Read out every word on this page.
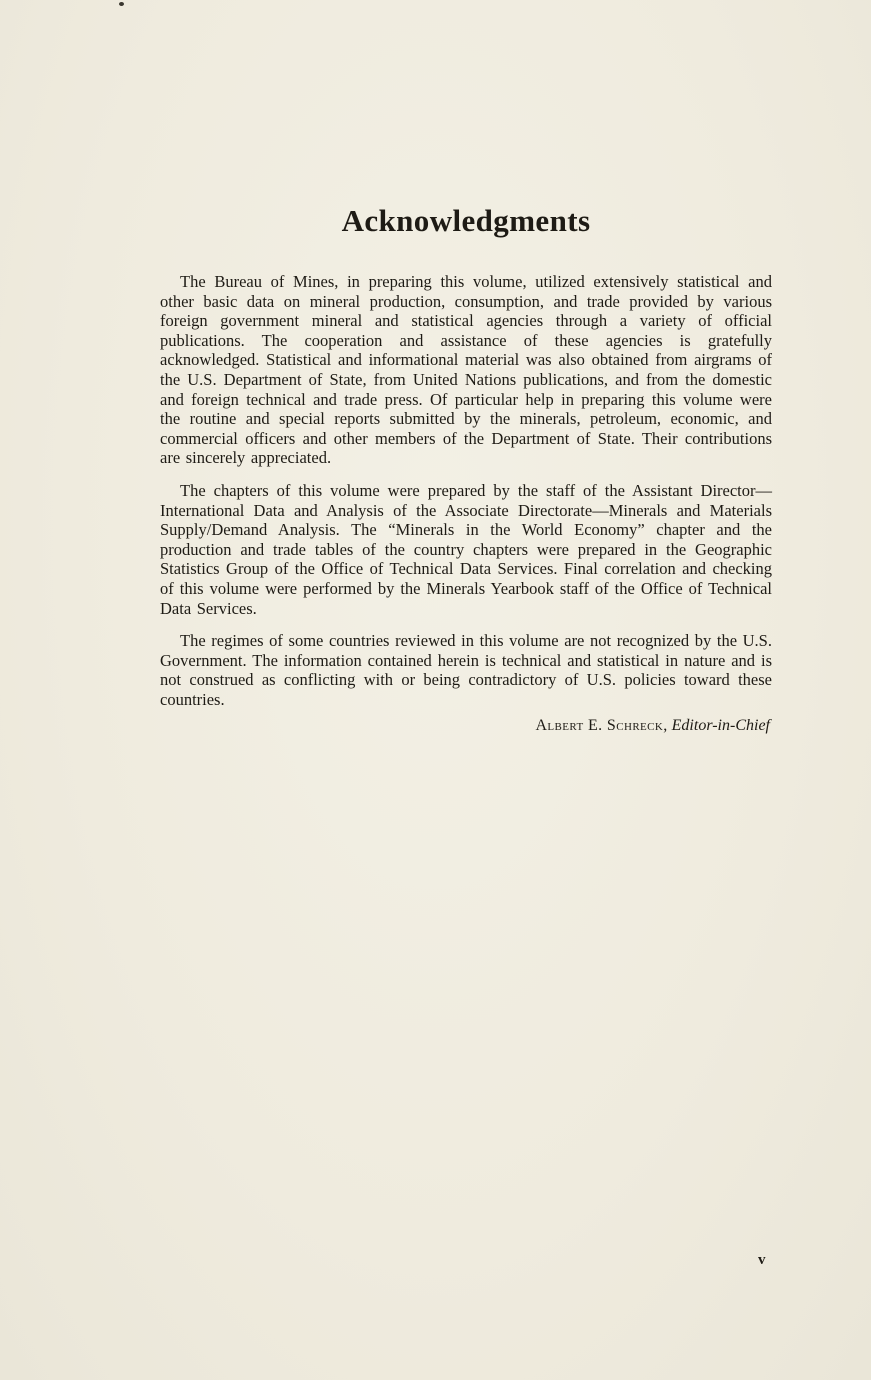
Acknowledgments

The Bureau of Mines, in preparing this volume, utilized extensively statistical and other basic data on mineral production, consumption, and trade provided by various foreign government mineral and statistical agencies through a variety of official publications. The cooperation and assistance of these agencies is gratefully acknowledged. Statistical and informational material was also obtained from airgrams of the U.S. Department of State, from United Nations publications, and from the domestic and foreign technical and trade press. Of particular help in preparing this volume were the routine and special reports submitted by the minerals, petroleum, economic, and commercial officers and other members of the Department of State. Their contributions are sincerely appreciated.

The chapters of this volume were prepared by the staff of the Assistant Director—International Data and Analysis of the Associate Directorate—Minerals and Materials Supply/Demand Analysis. The “Minerals in the World Economy” chapter and the production and trade tables of the country chapters were prepared in the Geographic Statistics Group of the Office of Technical Data Services. Final correlation and checking of this volume were performed by the Minerals Yearbook staff of the Office of Technical Data Services.

The regimes of some countries reviewed in this volume are not recognized by the U.S. Government. The information contained herein is technical and statistical in nature and is not construed as conflicting with or being contradictory of U.S. policies toward these countries.

Albert E. Schreck, Editor-in-Chief
v
